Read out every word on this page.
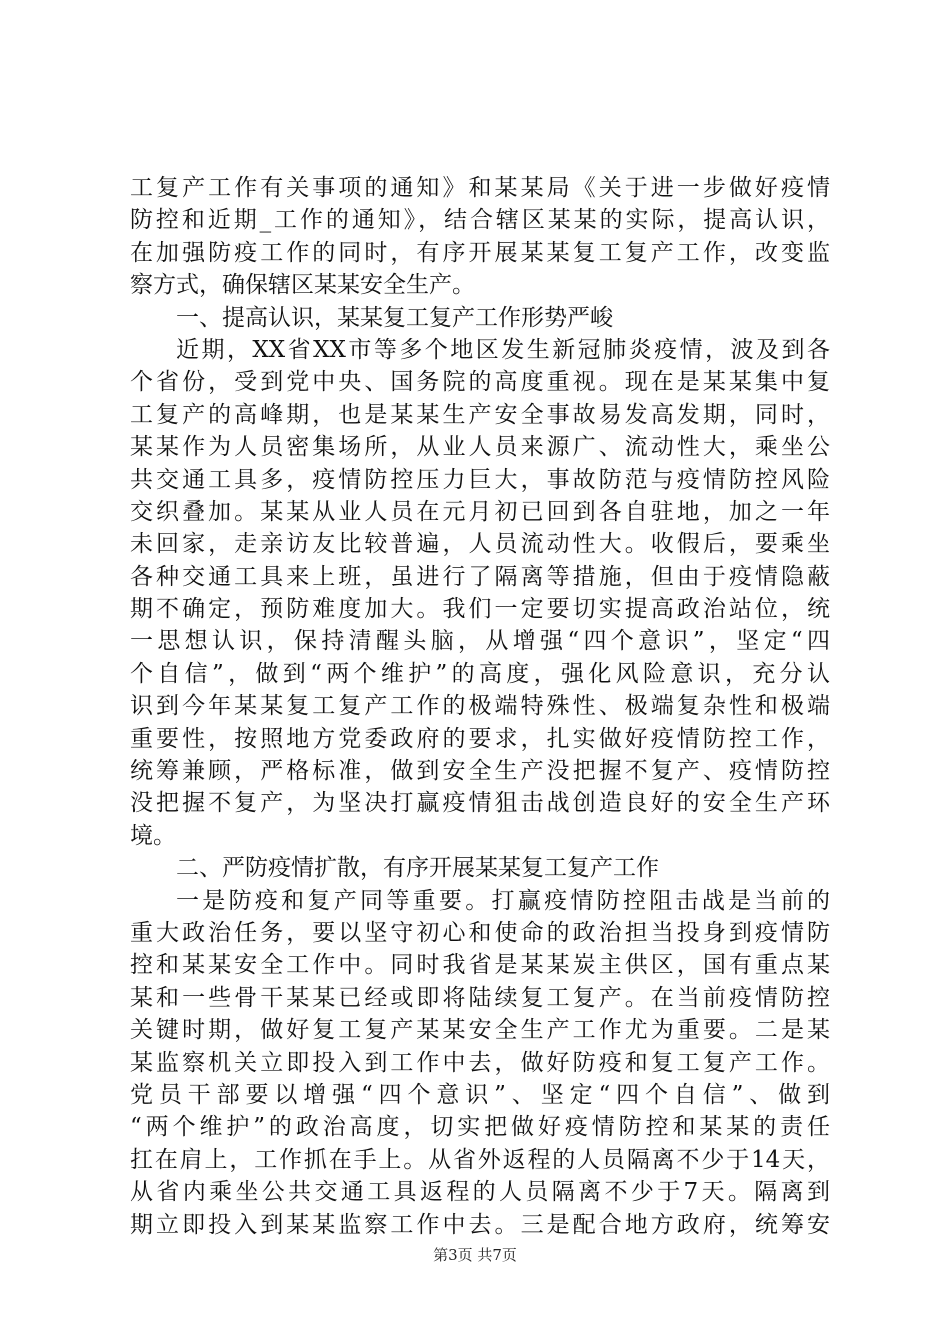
工复产工作有关事项的通知》和某某局《关于进一步做好疫情
防控和近期_工作的通知》，结合辖区某某的实际，提高认识，
在加强防疫工作的同时，有序开展某某复工复产工作，改变监
察方式，确保辖区某某安全生产。
一、提高认识，某某复工复产工作形势严峻
近期，XX省XX市等多个地区发生新冠肺炎疫情，波及到各
个省份，受到党中央、国务院的高度重视。现在是某某集中复
工复产的高峰期，也是某某生产安全事故易发高发期，同时，
某某作为人员密集场所，从业人员来源广、流动性大，乘坐公
共交通工具多，疫情防控压力巨大，事故防范与疫情防控风险
交织叠加。某某从业人员在元月初已回到各自驻地，加之一年
未回家，走亲访友比较普遍，人员流动性大。收假后，要乘坐
各种交通工具来上班，虽进行了隔离等措施，但由于疫情隐蔽
期不确定，预防难度加大。我们一定要切实提高政治站位，统
一思想认识，保持清醒头脑，从增强“四个意识”，坚定“四
个自信”，做到“两个维护”的高度，强化风险意识，充分认
识到今年某某复工复产工作的极端特殊性、极端复杂性和极端
重要性，按照地方党委政府的要求，扎实做好疫情防控工作，
统筹兼顾，严格标准，做到安全生产没把握不复产、疫情防控
没把握不复产，为坚决打赢疫情狙击战创造良好的安全生产环
境。
二、严防疫情扩散，有序开展某某复工复产工作
一是防疫和复产同等重要。打赢疫情防控阻击战是当前的
重大政治任务，要以坚守初心和使命的政治担当投身到疫情防
控和某某安全工作中。同时我省是某某炭主供区，国有重点某
某和一些骨干某某已经或即将陆续复工复产。在当前疫情防控
关键时期，做好复工复产某某安全生产工作尤为重要。二是某
某监察机关立即投入到工作中去，做好防疫和复工复产工作。
党员干部要以增强“四个意识”、坚定“四个自信”、做到
“两个维护”的政治高度，切实把做好疫情防控和某某的责任
扛在肩上，工作抓在手上。从省外返程的人员隔离不少于14天，
从省内乘坐公共交通工具返程的人员隔离不少于7天。隔离到
期立即投入到某某监察工作中去。三是配合地方政府，统筹安
第3页 共7页
